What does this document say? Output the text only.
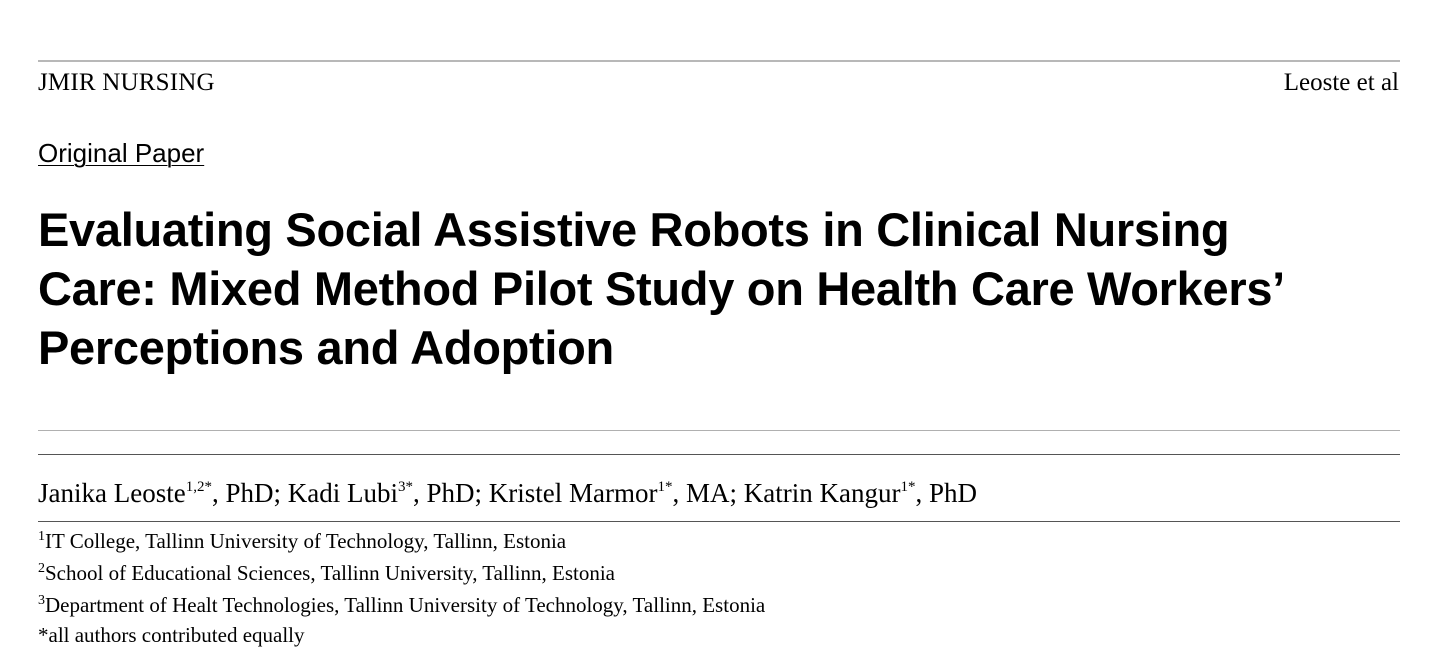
JMIR NURSING	Leoste et al
Original Paper
Evaluating Social Assistive Robots in Clinical Nursing
Care: Mixed Method Pilot Study on Health Care Workers’
Perceptions and Adoption
Janika Leoste$^{1,2*}$, PhD; Kadi Lubi$^{3*}$, PhD; Kristel Marmor$^{1*}$, MA; Katrin Kangur$^{1*}$, PhD
$^1$IT College, Tallinn University of Technology, Tallinn, Estonia
$^2$School of Educational Sciences, Tallinn University, Tallinn, Estonia
$^3$Department of Healt Technologies, Tallinn University of Technology, Tallinn, Estonia
*all authors contributed equally
